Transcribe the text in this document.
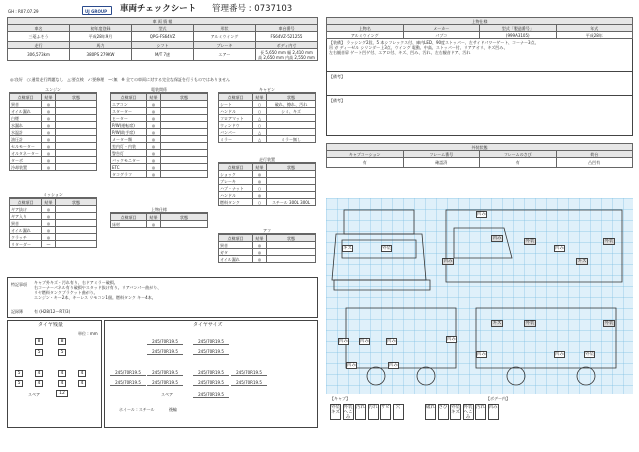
GH : R07.07.29	UJ GROUP 車両チェックシート 管理番号 : 0737103
車 両 情 報				
車名	初年度登録	型式	形状	車台番号
三菱ふそう	平成28年9月	QPG-FS64VZ	アルミウイング	FS64VZ-521255
走行	馬力	シフト	ブレーキ	ボディ内寸
306,573km	380PS 279KW	M/T 7速	エアー	長 5,650 mm 幅 2,410 mm
高 2,650 mm 内高 2,550 mm
◎:良好 ○:通常走行問題なし △:要点検 ✓:要修理 —:無 ※ 全ての車両に対する完全な保証を行うものではありません
エンジン
点検項目	結果	状態
異音	◎	
オイル漏れ	◎	
白煙	◎	
水漏れ	◎	
水温計	◎	
油圧計	◎	
セルモーター	◎	
オルタネーター	◎	
ターボ	◎	
冷却装置	◎	
ミッション
点検項目	結果	状態
ギア抜け	◎	
ギア入り	◎	
異音	◎	
オイル漏れ	◎	
クラッチ	◎	
リターダー	—	
電装関係
点検項目	結果	状態
エアコン	◎	
スターター	◎	
ヒーター	◎	
P/W(運転席)	◎	
P/W(助手席)	◎	
メーター類	◎	
室内灯・内装	◎	
警告灯	◎	
バックモニター	◎	
ETC	◎	
タコグラフ	◎	
上物仕様
点検項目	結果	状態
床材	◎	
キャビン
点検項目	結果	状態
シート	○	破れ、擦れ、汚れ
ハンドル	○	シミ、キズ
フロアマット	△	
ウィンドウ	○	
バンパー	△	
ミラー	△	ミラー無し
走行装置
点検項目	結果	状態
ショック	◎	
ブレーキ	◎	
ハブ・ナット	○	
ハンドル	◎	
燃料タンク	○	スチール 300L 300L
アフ
点検項目	結果	状態
異音	◎	
ガタ	◎	
オイル漏れ	◎	
特記事項 キャブ外キズ・汚れ有り、右ドアミラー破損。
右コーナーパネル有り破損やスタッド抜け有り。リアバンパー曲がり、
リヤ燃料タンクブラケット曲がり。
エンジン・キー2本、キーレス リモコン1個。燃料タンク キー4本。
記録簿	有 (H28/12〜R7/3)
タイヤ残量
単位 : mm
8	8
5	5
5	4	4	4
5	4	4	4
スペア	12
タイヤサイズ
245/70R19.5	245/70R19.5
245/70R19.5	245/70R19.5
245/70R19.5	245/70R19.5	245/70R19.5	245/70R19.5
245/70R19.5	245/70R19.5	245/70R19.5	245/70R19.5
スペア	245/70R19.5
ホイール : スチール	後輪
上物仕様			
上物名	メーカー	型式「製造番号」	年式
アルミウイング	パブコ	(999A3105)	平成28年
【装備】 ラッシング2段、5 本シフレックス付、庫内LED、90度ストッパー、左サイドパワーゲート、コーナー3点、
吊 ガ ディーゼル シリンダー上3点、ウイング 電動、中高、ストッパー付、リアアオリ、キズ凹み、
左右観音扉 ゲート凹ゲ付、エアロ付、キズ、凹み、汚れ、左右観音ドア、汚れ
【備考】
【備考】
外装状態			
キャブコーション	フレーム番号	フレームのさび	荷台
有	確認済	有	凸凹有
凹み
キズ	外装	凹み
凹み
外装	外装
凹み	キズ
キズ	外装	外装
凹み	凹み	凹み	凹み
凹み	凹み	外装
凹み	凹み
【キャブ】	【ボデー内】
外装キズ
外装へこみ
汚れ 汚れ サビ	穴	破れ さび 外装キズ
外装へこみ
汚れ 凹み
